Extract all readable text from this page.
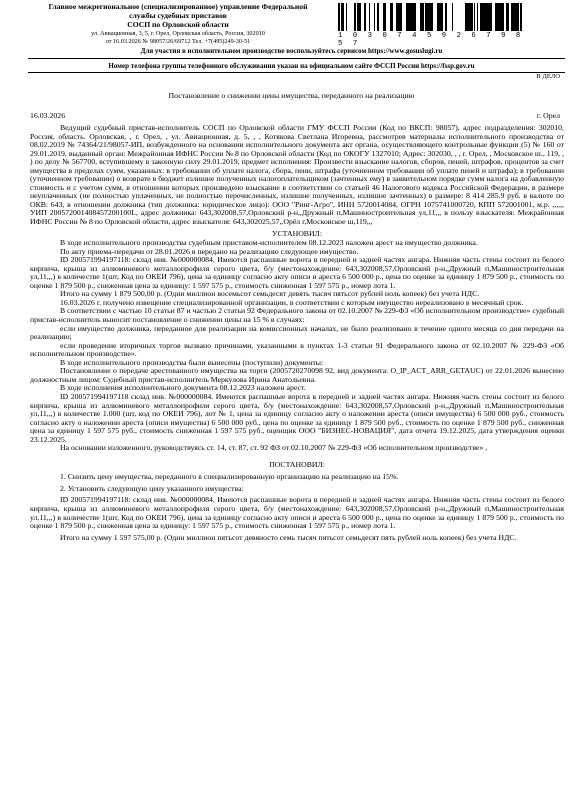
Главное межрегиональное (специализированное) управление Федеральной
службы судебных приставов
СОСП по Орловской области
ул. Авиационная, 3, 5, г. Орел, Орловская область, Россия, 302010
от 16.03.2026 № 98057/26/69712 Тел. +7(495)249-30-51
1 0 3 0 7 4 5 9 2 6 7 9 8 5 7
Для участия в исполнительном производстве воспользуйтесь сервисом https://www.gosuslugi.ru
Номер телефона группы телефонного обслуживания указан на официальном сайте ФССП России https://fssp.gov.ru
В ДЕЛО
Постановление о снижении цены имущества, переданного на реализацию
16.03.2026	г. Орел

Ведущий судебный пристав-исполнитель СОСП по Орловской области ГМУ ФССП России (Код по ВКСП: 98057), адрес подразделения: 302010, Россия, область. Орловская, , г. Орел, , ул. Авиационная, д. 5, , , Котякова Светлана Игоревна, рассмотрев материалы исполнительного производства от 08.02.2019 № 74364/21/98057-ИП, возбужденного на основании исполнительного документа акт органа, осуществляющего контрольные функции (5) № 160 от 29.01.2019, выданный орган: Межрайонная ИФНС России № 8 по Орловской области (Код по ОКОГУ 1327010; Адрес: 302030, , , г. Орел, , Московское ш., 119, , ) по делу № 567700, вступившему в законную силу 29.01.2019, предмет исполнения: Произвести взыскание налогов, сборов, пеней, штрафов, процентов за счет имущества в пределах сумм, указанных: в требовании об уплате налога, сбора, пени, штрафа (уточненном требовании об уплате пеней и штрафа); в требовании (уточненном требовании) о возврате в бюджет излишне полученных налогоплательщиком (зачтенных ему) в заявительном порядке сумм налога на добавленную стоимость и с учетом сумм, в отношении которых произведено взыскание в соответствии со статьей 46 Налогового кодекса Российской Федерации, в размере неуплаченных (не полностью уплаченных, не полностью перечисленных, излишне полученных, излишне зачтенных) в размере: 8 414 285.9 руб. в валюте по ОКВ: 643, в отношении должника (тип должника: юридическое лицо): ООО "Ринг-Агро", ИНН 5720014084, ОГРН 1075741000720, КПП 572001001, м.р. ,,,,,, УИП 200572001408457200100L, адрес должника: 643,302008,57,Орловский р-н,,Дружный п,Машиностроительная ул,11,,, в пользу взыскателя: Межрайонная ИФНС России № 8 по Орловской области, адрес взыскателя: 643,302025,57,,Орёл г,Московское ш,119,,,

УСТАНОВИЛ:

В ходе исполнительного производства судебным приставом-исполнителем 08.12.2023 наложен арест на имущество должника.

По акту приема-передачи от 28.01.2026 в передано на реализацию следующее имущество.

ID 200571994197118: склад инв. №000000084. Имеются распашные ворота в передней и задней частях ангара. Нижняя часть стены состоит из белого кирпича, крыша из аллюминевого металлопрофиля серого цвета, б/у (местонахождение: 643,302008,57,Орловский р-н,,Дружный п,Машиностроительная ул,11,,,) в количестве 1(шт, Код по ОКЕИ 796), цена за единицу согласно акту описи и ареста 6 500 000 р., цена по оценке за единицу 1 879 500 р., стоимость по оценке 1 879 500 р., сниженная цена за единицу: 1 597 575 р., стоимость сниженная 1 597 575 р., номер лота 1.

Итого на сумму 1 879 500,00 р. (Один миллион восемьсот семьдесят девять тысяч пятьсот рублей ноль копеек) без учета НДС.

16.03.2026 г. получено извещение специализированной организации, в соответствии с которым имущество нереализовано в месячный срок.

В соответствии с частью 10 статьи 87 и частью 2 статьи 92 Федерального закона от 02.10.2007 № 229-ФЗ «Об исполнительном производстве» судебный пристав-исполнитель выносит постановление о снижении цены на 15 % в случаях:

если имущество должника, переданное для реализации на комиссионных началах, не было реализовано в течение одного месяца со дня передачи на реализацию;

если проведение вторичных торгов вызвано причинами, указанными в пунктах 1-3 статьи 91 Федерального закона от 02.10.2007 № 229-ФЗ «Об исполнительном производстве».

В ходе исполнительного производства были вынесены (поступили) документы:

Постановление о передаче арестованного имущества на торги (2005720270098 92, вид документа: O_IP_ACT_ARR_GETAUC) от 22.01.2026 вынесено должностным лицом: Судебный пристав-исполнитель Меркулова Ирина Анатольевна.

В ходе исполнения исполнительного документа 08.12.2023 наложен арест.

ID 200571994197118 склад инв. №000000084. Имеются распашные ворота в передней и задней частях ангара. Нижняя часть стены состоит из белого кирпича, крыша из аллюминевого металлопрофиля серого цвета, б/у (местонахождение: 643,302008,57,Орловский р-н,,Дружный п,Машиностроительная ул,11,,,) в количестве 1.000 (шт, код по ОКЕИ 796), лот № 1, цена за единицу согласно акту о наложении ареста (описи имущества) 6 500 000 руб., стоимость согласно акту о наложении ареста (описи имущества) 6 500 000 руб., цена по оценке за единицу 1 879 500 руб., стоимость по оценке 1 879 500 руб., сниженная цена за единицу 1 597 575 руб., стоимость сниженная 1 597 575 руб., оценщик ООО "БИЗНЕС-НОВАЦИЯ", дата отчета 19.12.2025, дата утверждения оценки 23.12.2025.

На основании изложенного, руководствуясь ст. 14, ст. 87, ст. 92 ФЗ от 02.10.2007 № 229-ФЗ «Об исполнительном производстве» ,

ПОСТАНОВИЛ:

1. Снизить цену имущества, переданного в специализированную организацию на реализацию на 15%.

2. Установить следующую цену указанного имущества:

ID 200571994197118: склад инв. №000000084. Имеются распашные ворота в передней и задней частях ангара. Нижняя часть стены состоит из белого кирпича, крыша из аллюминевого металлопрофиля серого цвета, б/у (местонахождение: 643,302008,57,Орловский р-н,,Дружный п,Машиностроительная ул,11,,,) в количестве 1(шт, Код по ОКЕИ 796), цена за единицу согласно акту описи и ареста 6 500 000 р., цена по оценке за единицу 1 879 500 р., стоимость по оценке 1 879 500 р., сниженная цена за единицу: 1 597 575 р., стоимость сниженная 1 597 575 р., номер лота 1.

Итого на сумму 1 597 575,00 р. (Один миллион пятьсот девяносто семь тысяч пятьсот семьдесят пять рублей ноль копеек) без учета НДС.
